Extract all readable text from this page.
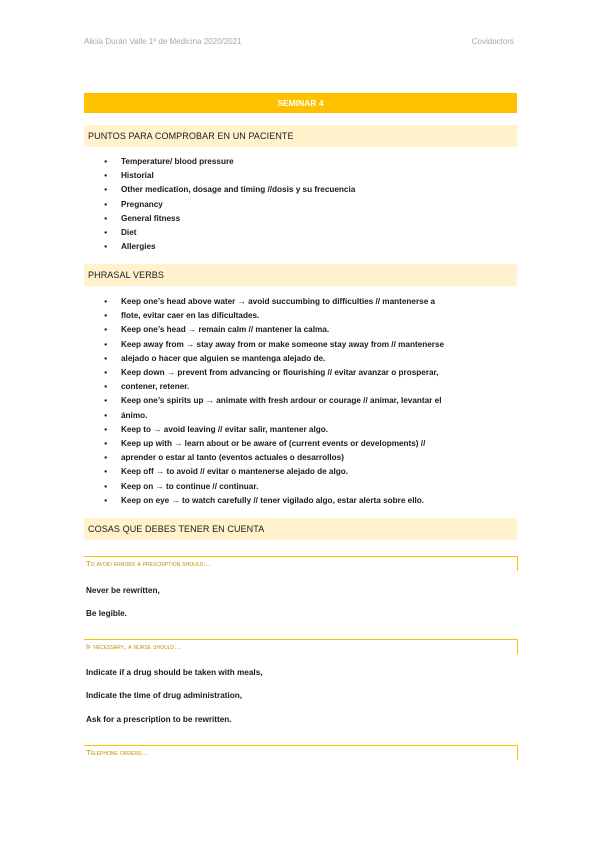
Alicia Durán Valle 1º de Medicina 2020/2021	Covidoctors
SEMINAR 4
PUNTOS PARA COMPROBAR EN UN PACIENTE
● Temperature/ blood pressure
● Historial
● Other medication, dosage and timing //dosis y su frecuencia
● Pregnancy
● General fitness
● Diet
● Allergies
PHRASAL VERBS
● Keep one’s head above water → avoid succumbing to difficulties // mantenerse a
● flote, evitar caer en las dificultades.
● Keep one’s head → remain calm // mantener la calma.
● Keep away from → stay away from or make someone stay away from // mantenerse
● alejado o hacer que alguien se mantenga alejado de.
● Keep down → prevent from advancing or flourishing // evitar avanzar o prosperar,
● contener, retener.
● Keep one’s spirits up → animate with fresh ardour or courage // animar, levantar el
● ánimo.
● Keep to → avoid leaving // evitar salir, mantener algo.
● Keep up with → learn about or be aware of (current events or developments) //
● aprender o estar al tanto (eventos actuales o desarrollos)
● Keep off → to avoid // evitar o mantenerse alejado de algo.
● Keep on → to continue // continuar.
● Keep on eye → to watch carefully // tener vigilado algo, estar alerta sobre ello.
COSAS QUE DEBES TENER EN CUENTA
To avoid errors a prescription should…
Never be rewritten,
Be legible.
If necessary, a nurse should…
Indicate if a drug should be taken with meals,
Indicate the time of drug administration,
Ask for a prescription to be rewritten.
Telephone orders…
